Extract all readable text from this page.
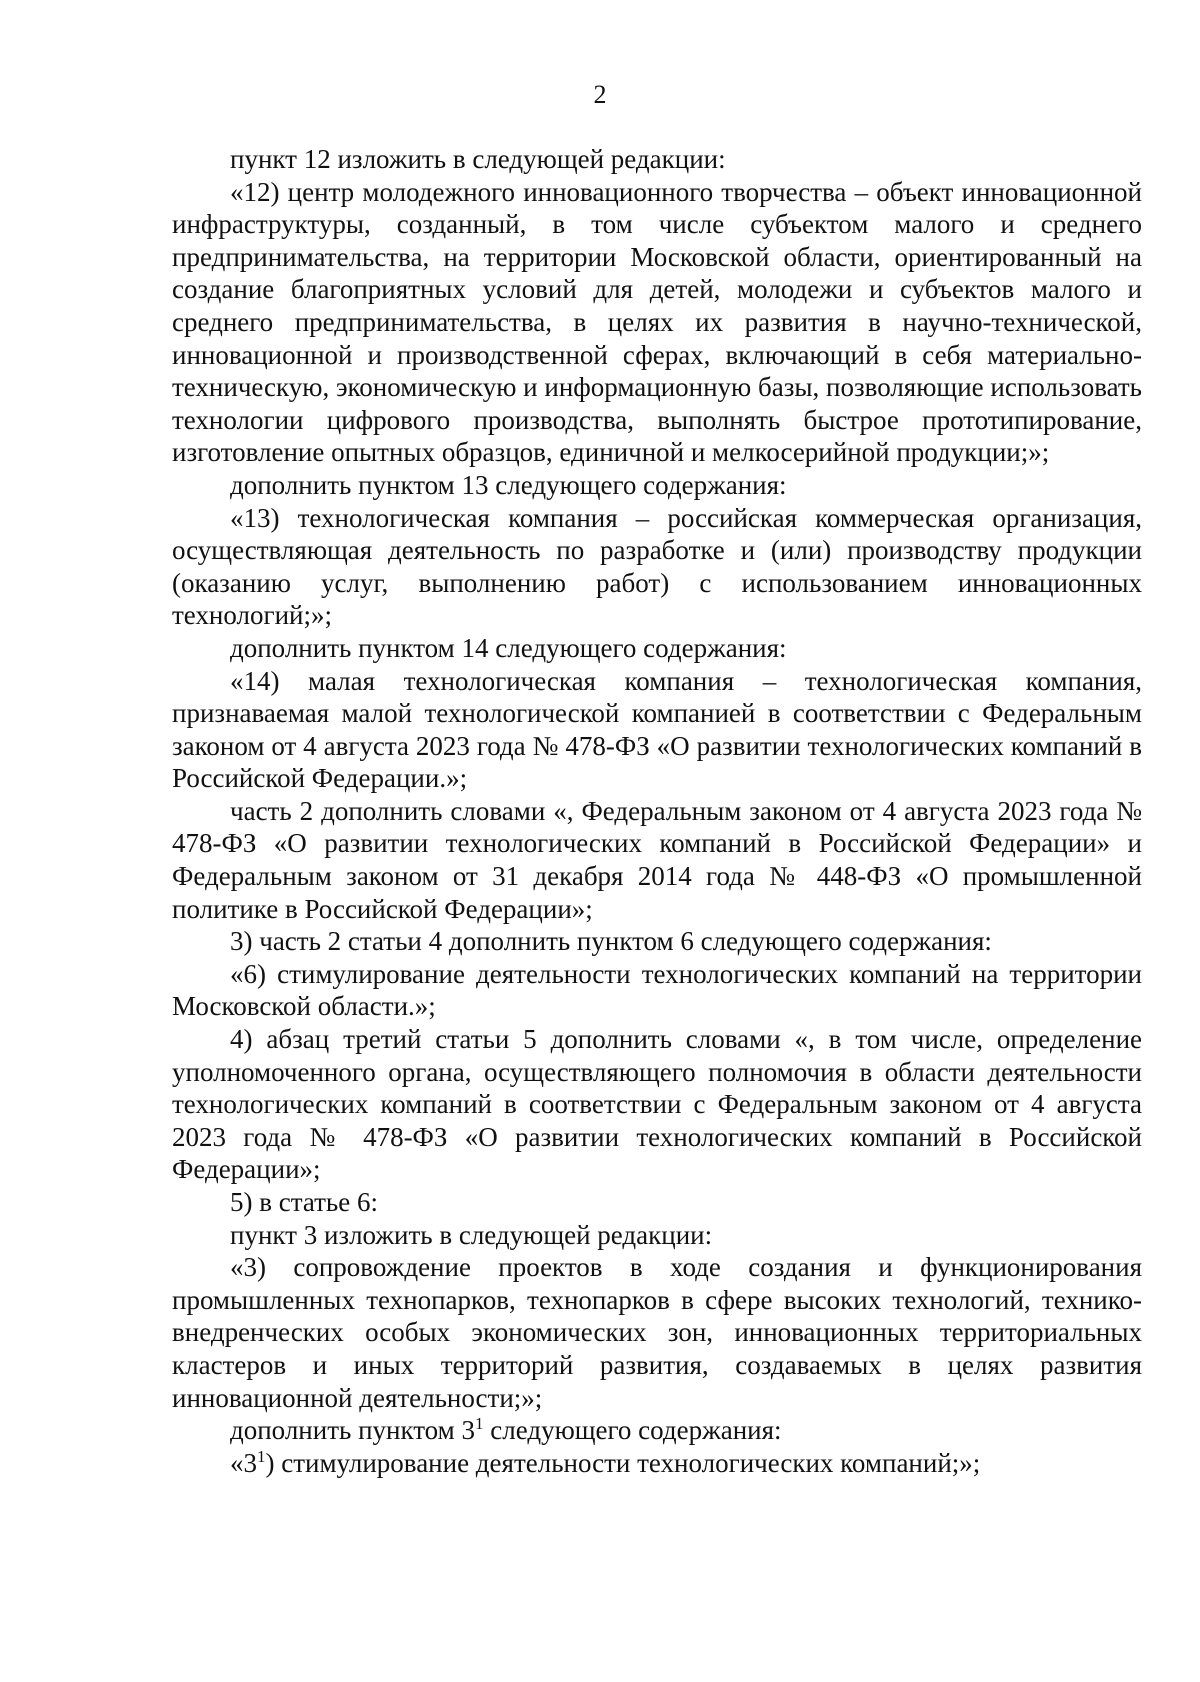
2

пункт 12 изложить в следующей редакции:

«12) центр молодежного инновационного творчества – объект инновационной инфраструктуры, созданный, в том числе субъектом малого и среднего предпринимательства, на территории Московской области, ориентированный на создание благоприятных условий для детей, молодежи и субъектов малого и среднего предпринимательства, в целях их развития в научно-технической, инновационной и производственной сферах, включающий в себя материально-техническую, экономическую и информационную базы, позволяющие использовать технологии цифрового производства, выполнять быстрое прототипирование, изготовление опытных образцов, единичной и мелкосерийной продукции;»;

дополнить пунктом 13 следующего содержания:

«13) технологическая компания – российская коммерческая организация, осуществляющая деятельность по разработке и (или) производству продукции (оказанию услуг, выполнению работ) с использованием инновационных технологий;»;

дополнить пунктом 14 следующего содержания:

«14) малая технологическая компания – технологическая компания, признаваемая малой технологической компанией в соответствии с Федеральным законом от 4 августа 2023 года № 478-ФЗ «О развитии технологических компаний в Российской Федерации.»;

часть 2 дополнить словами «, Федеральным законом от 4 августа 2023 года № 478-ФЗ «О развитии технологических компаний в Российской Федерации» и Федеральным законом от 31 декабря 2014 года № 448-ФЗ «О промышленной политике в Российской Федерации»;

3) часть 2 статьи 4 дополнить пунктом 6 следующего содержания:

«6) стимулирование деятельности технологических компаний на территории Московской области.»;

4) абзац третий статьи 5 дополнить словами «, в том числе, определение уполномоченного органа, осуществляющего полномочия в области деятельности технологических компаний в соответствии с Федеральным законом от 4 августа 2023 года № 478-ФЗ «О развитии технологических компаний в Российской Федерации»;

5) в статье 6:

пункт 3 изложить в следующей редакции:

«3) сопровождение проектов в ходе создания и функционирования промышленных технопарков, технопарков в сфере высоких технологий, технико-внедренческих особых экономических зон, инновационных территориальных кластеров и иных территорий развития, создаваемых в целях развития инновационной деятельности;»;

дополнить пунктом $3^1$ следующего содержания:

«$3^1$) стимулирование деятельности технологических компаний;»;
